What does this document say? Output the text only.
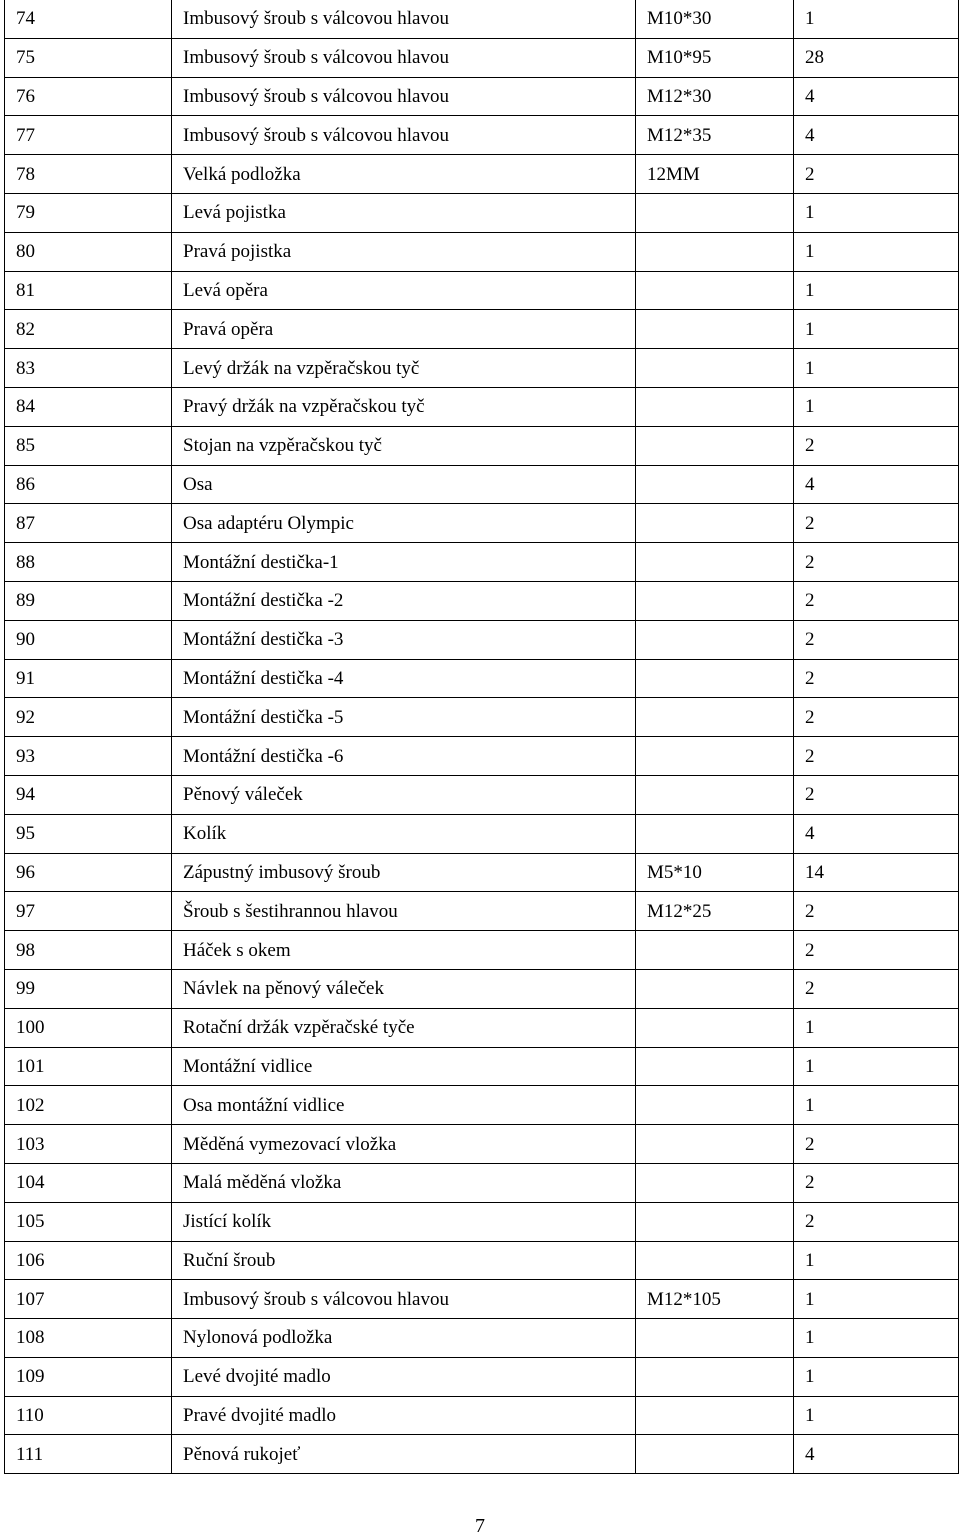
74	Imbusový šroub s válcovou hlavou	M10*30	1
75	Imbusový šroub s válcovou hlavou	M10*95	28
76	Imbusový šroub s válcovou hlavou	M12*30	4
77	Imbusový šroub s válcovou hlavou	M12*35	4
78	Velká podložka	12MM	2
79	Levá pojistka		1
80	Pravá pojistka		1
81	Levá opěra		1
82	Pravá opěra		1
83	Levý držák na vzpěračskou tyč		1
84	Pravý držák na vzpěračskou tyč		1
85	Stojan na vzpěračskou tyč		2
86	Osa		4
87	Osa adaptéru Olympic		2
88	Montážní destička-1		2
89	Montážní destička -2		2
90	Montážní destička -3		2
91	Montážní destička -4		2
92	Montážní destička -5		2
93	Montážní destička -6		2
94	Pěnový váleček		2
95	Kolík		4
96	Zápustný imbusový šroub	M5*10	14
97	Šroub s šestihrannou hlavou	M12*25	2
98	Háček s okem		2
99	Návlek na pěnový váleček		2
100	Rotační držák vzpěračské tyče		1
101	Montážní vidlice		1
102	Osa montážní vidlice		1
103	Měděná vymezovací vložka		2
104	Malá měděná vložka		2
105	Jistící kolík		2
106	Ruční šroub		1
107	Imbusový šroub s válcovou hlavou	M12*105	1
108	Nylonová podložka		1
109	Levé dvojité madlo		1
110	Pravé dvojité madlo		1
111	Pěnová rukojeť		4
7
